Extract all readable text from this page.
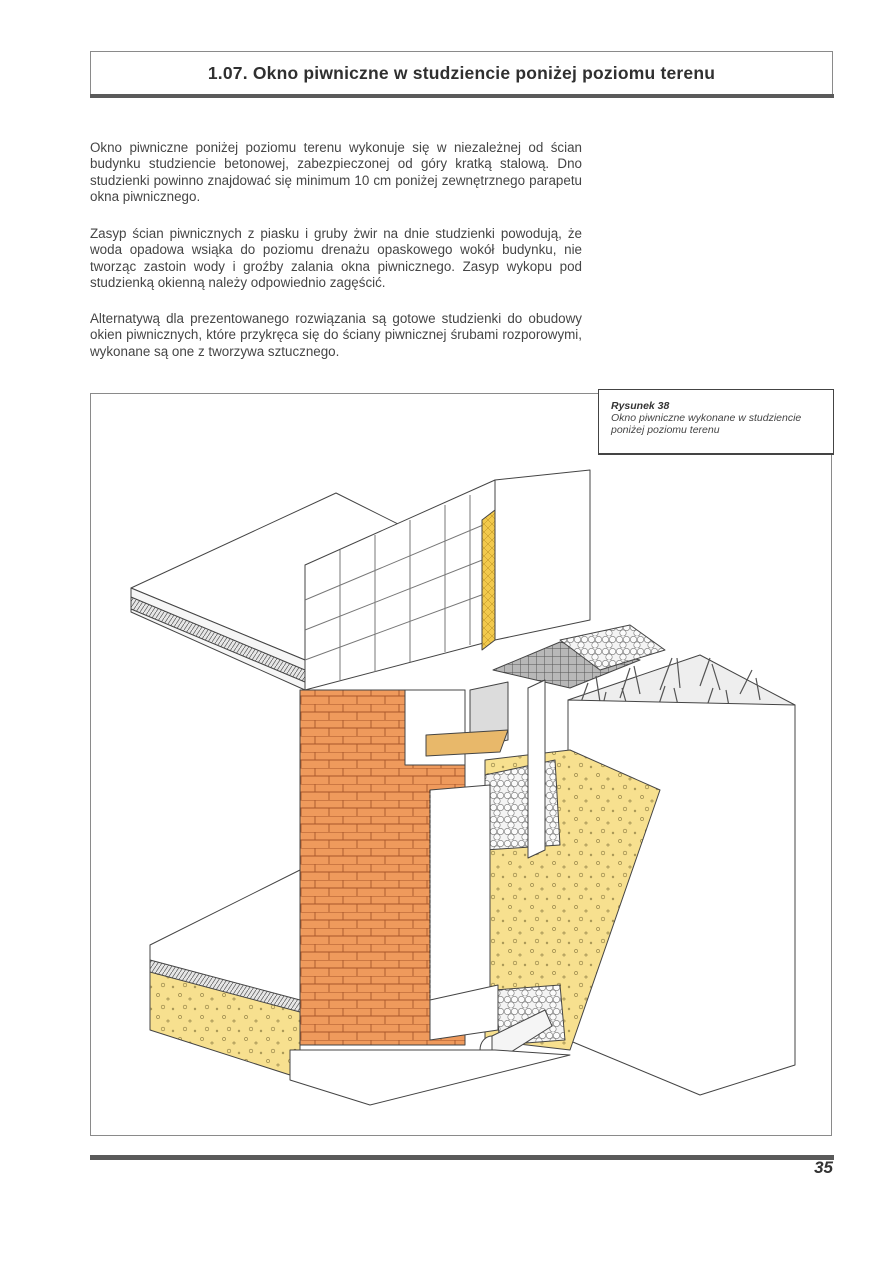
1.07. Okno piwniczne w studziencie poniżej poziomu terenu

Okno piwniczne poniżej poziomu terenu wykonuje się w niezależnej od ścian budynku studziencie betonowej, zabezpieczonej od góry kratką stalową. Dno studzienki powinno znajdować się minimum 10 cm poniżej zewnętrznego parapetu okna piwnicznego.

Zasyp ścian piwnicznych z piasku i gruby żwir na dnie studzienki powodują, że woda opadowa wsiąka do poziomu drenażu opaskowego wokół budynku, nie tworząc zastoin wody i groźby zalania okna piwnicznego. Zasyp wykopu pod studzienką okienną należy odpowiednio zagęścić.

Alternatywą dla prezentowanego rozwiązania są gotowe studzienki do obudowy okien piwnicznych, które przykręca się do ściany piwnicznej śrubami rozporowymi, wykonane są one z tworzywa sztucznego.

Rysunek 38
Okno piwniczne wykonane w studziencie poniżej poziomu terenu
35
